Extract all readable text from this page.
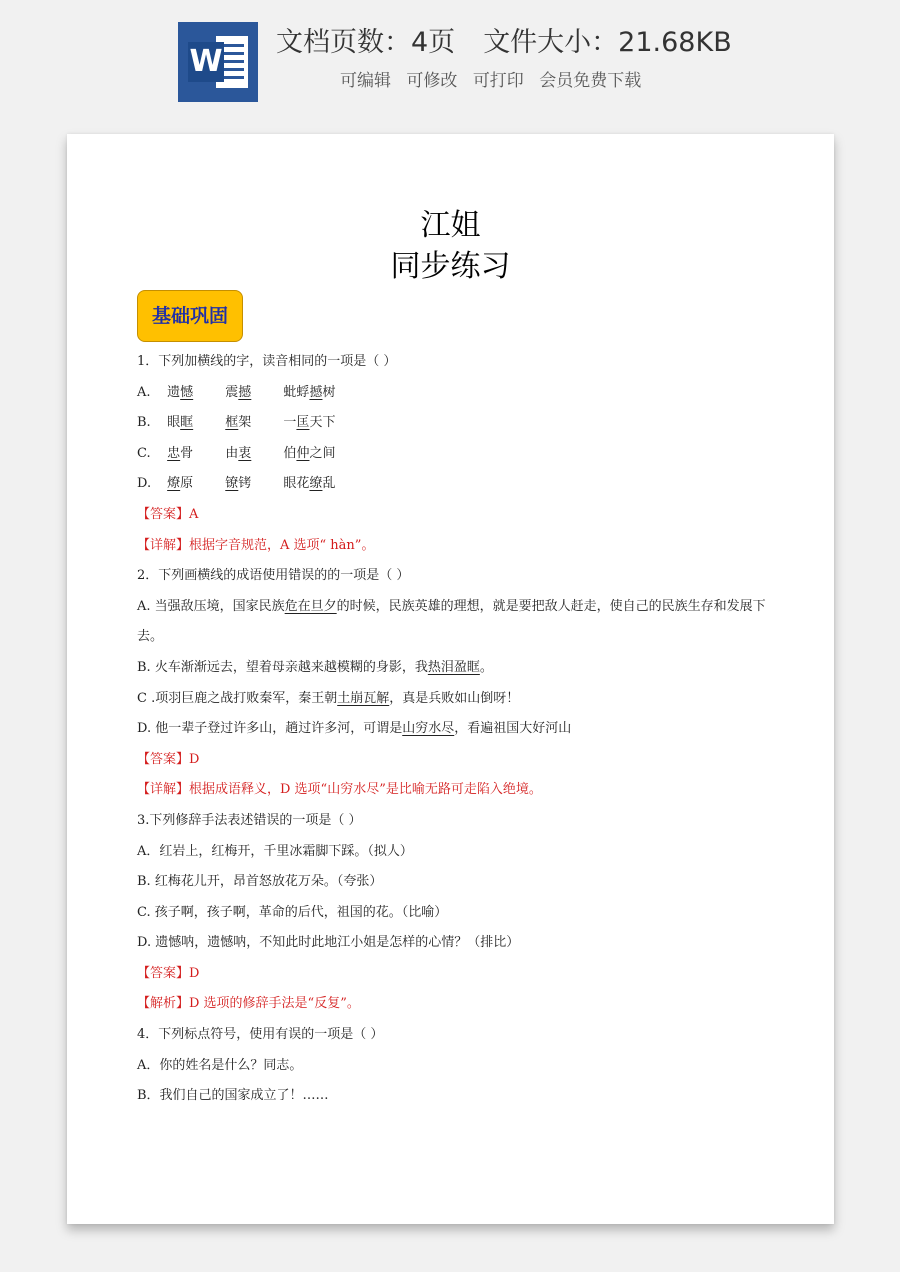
W
文档页数：4页 文件大小：21.68KB
可编辑 可修改 可打印 会员免费下载
江姐
同步练习
基础巩固
1．下列加横线的字，读音相同的一项是（ ）
A. 遗憾 震撼 蚍蜉撼树
B. 眼眶 框架 一匡天下
C. 忠骨 由衷 伯仲之间
D. 燎原 镣铐 眼花缭乱
【答案】A
【详解】根据字音规范，A 选项“ hàn”。
2．下列画横线的成语使用错误的的一项是（ ）
A. 当强敌压境，国家民族危在旦夕的时候，民族英雄的理想，就是要把敌人赶走，使自己的民族生存和发展下去。
B. 火车渐渐远去，望着母亲越来越模糊的身影，我热泪盈眶。
C .项羽巨鹿之战打败秦军，秦王朝土崩瓦解，真是兵败如山倒呀！
D. 他一辈子登过许多山，趟过许多河，可谓是山穷水尽，看遍祖国大好河山
【答案】D
【详解】根据成语释义，D 选项“山穷水尽”是比喻无路可走陷入绝境。
3.下列修辞手法表述错误的一项是（ ）
A．红岩上，红梅开，千里冰霜脚下踩。（拟人）
B. 红梅花儿开，昂首怒放花万朵。（夸张）
C. 孩子啊，孩子啊，革命的后代，祖国的花。（比喻）
D. 遗憾呐，遗憾呐，不知此时此地江小姐是怎样的心情？（排比）
【答案】D
【解析】D 选项的修辞手法是“反复”。
4．下列标点符号，使用有误的一项是（ ）
A．你的姓名是什么？同志。
B．我们自己的国家成立了！……
